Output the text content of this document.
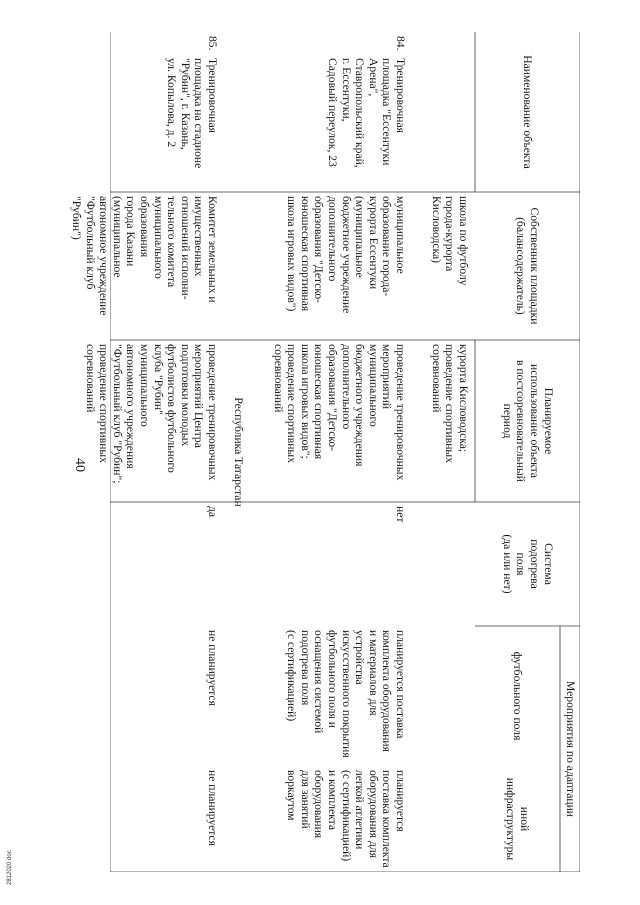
40
Наименование объекта
Собственник площадки
(балансодержатель)
Планируемое
использование объекта
в постсоревновательный
период
Система
подогрева
поля
(да или нет)
Мероприятия по адаптации
футбольного поля
иной
инфраструктуры
школа по футболу
города-курорта
Кисловодска)
курорта Кисловодска;
проведение спортивных
соревнований
84.
Тренировочная
площадка "Ессентуки
Арена",
Ставропольский край,
г. Ессентуки,
Садовый переулок, 23
муниципальное
образование города-
курорта Ессентуки
(муниципальное
бюджетное учреждение
дополнительного
образования "Детско-
юношеская спортивная
школа игровых видов")
проведение тренировочных
мероприятий
муниципального
бюджетного учреждения
дополнительного
образования "Детско-
юношеская спортивная
школа игровых видов";
проведение спортивных
соревнований
нет
планируется поставка
комплекта оборудования
и материалов для
устройства
искусственного покрытия
футбольного поля и
оснащения системой
подогрева поля
(с сертификацией)
планируется
поставка комплекта
оборудования для
легкой атлетики
(с сертификацией)
и комплекта
оборудования
для занятий
воркаутом
Республика Татарстан
85.
Тренировочная
площадка на стадионе
"Рубин", г. Казань,
ул. Копылова, д. 2
Комитет земельных и
имущественных
отношений исполни-
тельного комитета
муниципального
образования
города Казани
(муниципальное
автономное учреждение
"Футбольный клуб
"Рубин")
проведение тренировочных
мероприятий Центра
подготовки молодых
футболистов футбольного
клуба "Рубин"
муниципального
автономного учреждения
"Футбольный клуб "Рубин";
проведение спортивных
соревнований
да
не планируется
не планируется
2812020.doc
